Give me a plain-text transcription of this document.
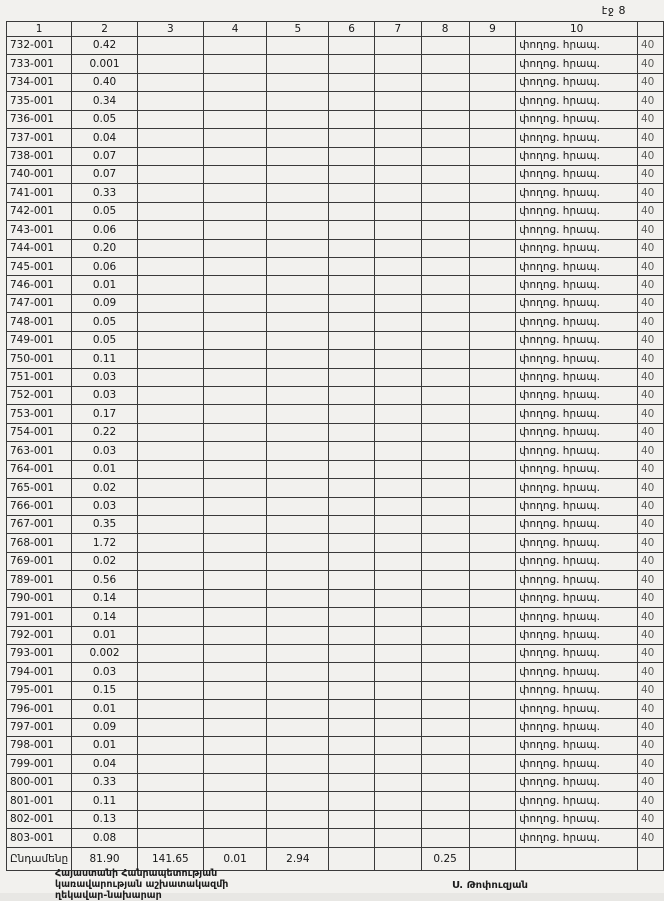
էջ 8
1	2	3	4	5	6	7	8	9	10	
732-001	0.42								փողոց. հրապ.	40
733-001	0.001								փողոց. հրապ.	40
734-001	0.40								փողոց. հրապ.	40
735-001	0.34								փողոց. հրապ.	40
736-001	0.05								փողոց. հրապ.	40
737-001	0.04								փողոց. հրապ.	40
738-001	0.07								փողոց. հրապ.	40
740-001	0.07								փողոց. հրապ.	40
741-001	0.33								փողոց. հրապ.	40
742-001	0.05								փողոց. հրապ.	40
743-001	0.06								փողոց. հրապ.	40
744-001	0.20								փողոց. հրապ.	40
745-001	0.06								փողոց. հրապ.	40
746-001	0.01								փողոց. հրապ.	40
747-001	0.09								փողոց. հրապ.	40
748-001	0.05								փողոց. հրապ.	40
749-001	0.05								փողոց. հրապ.	40
750-001	0.11								փողոց. հրապ.	40
751-001	0.03								փողոց. հրապ.	40
752-001	0.03								փողոց. հրապ.	40
753-001	0.17								փողոց. հրապ.	40
754-001	0.22								փողոց. հրապ.	40
763-001	0.03								փողոց. հրապ.	40
764-001	0.01								փողոց. հրապ.	40
765-001	0.02								փողոց. հրապ.	40
766-001	0.03								փողոց. հրապ.	40
767-001	0.35								փողոց. հրապ.	40
768-001	1.72								փողոց. հրապ.	40
769-001	0.02								փողոց. հրապ.	40
789-001	0.56								փողոց. հրապ.	40
790-001	0.14								փողոց. հրապ.	40
791-001	0.14								փողոց. հրապ.	40
792-001	0.01								փողոց. հրապ.	40
793-001	0.002								փողոց. հրապ.	40
794-001	0.03								փողոց. հրապ.	40
795-001	0.15								փողոց. հրապ.	40
796-001	0.01								փողոց. հրապ.	40
797-001	0.09								փողոց. հրապ.	40
798-001	0.01								փողոց. հրապ.	40
799-001	0.04								փողոց. հրապ.	40
800-001	0.33								փողոց. հրապ.	40
801-001	0.11								փողոց. հրապ.	40
802-001	0.13								փողոց. հրապ.	40
803-001	0.08								փողոց. հրապ.	40
Ընդամենը	81.90	141.65	0.01	2.94			0.25			
Հայաստանի Հանրապետության
կառավարության աշխատակազմի
ղեկավար-նախարար
Ս. Թոփուզյան
